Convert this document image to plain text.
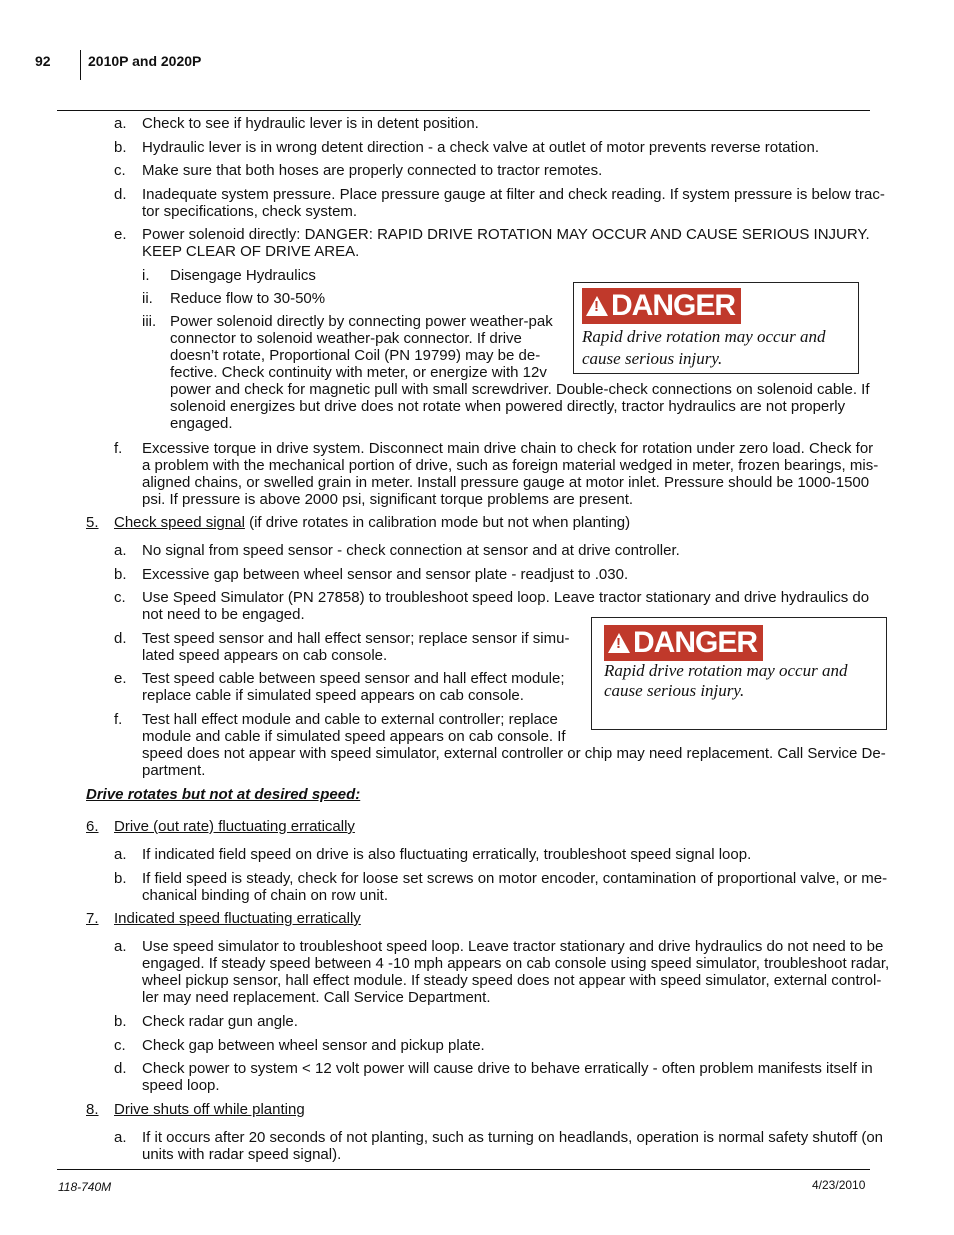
92	2010P and 2020P
a. Check to see if hydraulic lever is in detent position.
b. Hydraulic lever is in wrong detent direction - a check valve at outlet of motor prevents reverse rotation.
c. Make sure that both hoses are properly connected to tractor remotes.
d. Inadequate system pressure. Place pressure gauge at filter and check reading. If system pressure is below trac-
tor specifications, check system.
e. Power solenoid directly: DANGER: RAPID DRIVE ROTATION MAY OCCUR AND CAUSE SERIOUS INJURY.
KEEP CLEAR OF DRIVE AREA.
i. Disengage Hydraulics
ii. Reduce flow to 30-50%
iii. Power solenoid directly by connecting power weather-pak
connector to solenoid weather-pak connector. If drive
doesn’t rotate, Proportional Coil (PN 19799) may be de-
fective. Check continuity with meter, or energize with 12v
power and check for magnetic pull with small screwdriver. Double-check connections on solenoid cable. If
solenoid energizes but drive does not rotate when powered directly, tractor hydraulics are not properly
engaged.
!
DANGER
Rapid drive rotation may occur and
cause serious injury.
f. Excessive torque in drive system. Disconnect main drive chain to check for rotation under zero load. Check for
a problem with the mechanical portion of drive, such as foreign material wedged in meter, frozen bearings, mis-
aligned chains, or swelled grain in meter. Install pressure gauge at motor inlet. Pressure should be 1000-1500
psi. If pressure is above 2000 psi, significant torque problems are present.
5. Check speed signal (if drive rotates in calibration mode but not when planting)
a. No signal from speed sensor - check connection at sensor and at drive controller.
b. Excessive gap between wheel sensor and sensor plate - readjust to .030.
c. Use Speed Simulator (PN 27858) to troubleshoot speed loop. Leave tractor stationary and drive hydraulics do
not need to be engaged.
d. Test speed sensor and hall effect sensor; replace sensor if simu-
lated speed appears on cab console.
e. Test speed cable between speed sensor and hall effect module;
replace cable if simulated speed appears on cab console.
!
DANGER
Rapid drive rotation may occur and
cause serious injury.
f. Test hall effect module and cable to external controller; replace
module and cable if simulated speed appears on cab console. If
speed does not appear with speed simulator, external controller or chip may need replacement. Call Service De-
partment.
Drive rotates but not at desired speed:
6. Drive (out rate) fluctuating erratically
a. If indicated field speed on drive is also fluctuating erratically, troubleshoot speed signal loop.
b. If field speed is steady, check for loose set screws on motor encoder, contamination of proportional valve, or me-
chanical binding of chain on row unit.
7. Indicated speed fluctuating erratically
a. Use speed simulator to troubleshoot speed loop. Leave tractor stationary and drive hydraulics do not need to be
engaged. If steady speed between 4 -10 mph appears on cab console using speed simulator, troubleshoot radar,
wheel pickup sensor, hall effect module. If steady speed does not appear with speed simulator, external control-
ler may need replacement. Call Service Department.
b. Check radar gun angle.
c. Check gap between wheel sensor and pickup plate.
d. Check power to system < 12 volt power will cause drive to behave erratically - often problem manifests itself in
speed loop.
8. Drive shuts off while planting
a. If it occurs after 20 seconds of not planting, such as turning on headlands, operation is normal safety shutoff (on
units with radar speed signal).
118-740M	4/23/2010
